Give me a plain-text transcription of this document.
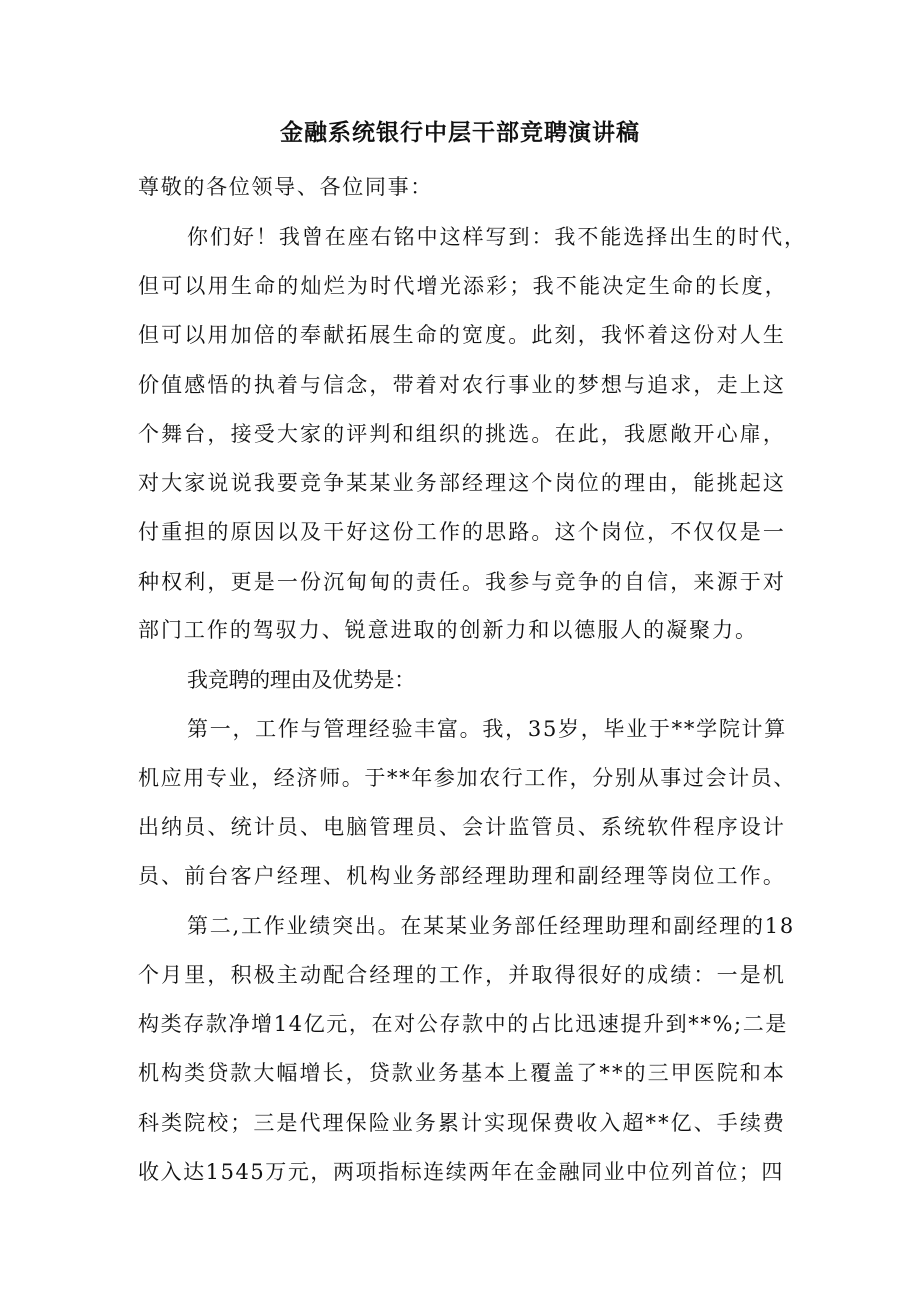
金融系统银行中层干部竞聘演讲稿
尊敬的各位领导、各位同事：
你们好！我曾在座右铭中这样写到：我不能选择出生的时代，
但可以用生命的灿烂为时代增光添彩；我不能决定生命的长度，
但可以用加倍的奉献拓展生命的宽度。此刻，我怀着这份对人生
价值感悟的执着与信念，带着对农行事业的梦想与追求，走上这
个舞台，接受大家的评判和组织的挑选。在此，我愿敞开心扉，
对大家说说我要竞争某某业务部经理这个岗位的理由，能挑起这
付重担的原因以及干好这份工作的思路。这个岗位，不仅仅是一
种权利，更是一份沉甸甸的责任。我参与竞争的自信，来源于对
部门工作的驾驭力、锐意进取的创新力和以德服人的凝聚力。
我竞聘的理由及优势是：
第一，工作与管理经验丰富。我，35岁，毕业于**学院计算
机应用专业，经济师。于**年参加农行工作，分别从事过会计员、
出纳员、统计员、电脑管理员、会计监管员、系统软件程序设计
员、前台客户经理、机构业务部经理助理和副经理等岗位工作。
第二,工作业绩突出。在某某业务部任经理助理和副经理的18
个月里，积极主动配合经理的工作，并取得很好的成绩：一是机
构类存款净增14亿元，在对公存款中的占比迅速提升到**%;二是
机构类贷款大幅增长，贷款业务基本上覆盖了**的三甲医院和本
科类院校；三是代理保险业务累计实现保费收入超**亿、手续费
收入达1545万元，两项指标连续两年在金融同业中位列首位；四
